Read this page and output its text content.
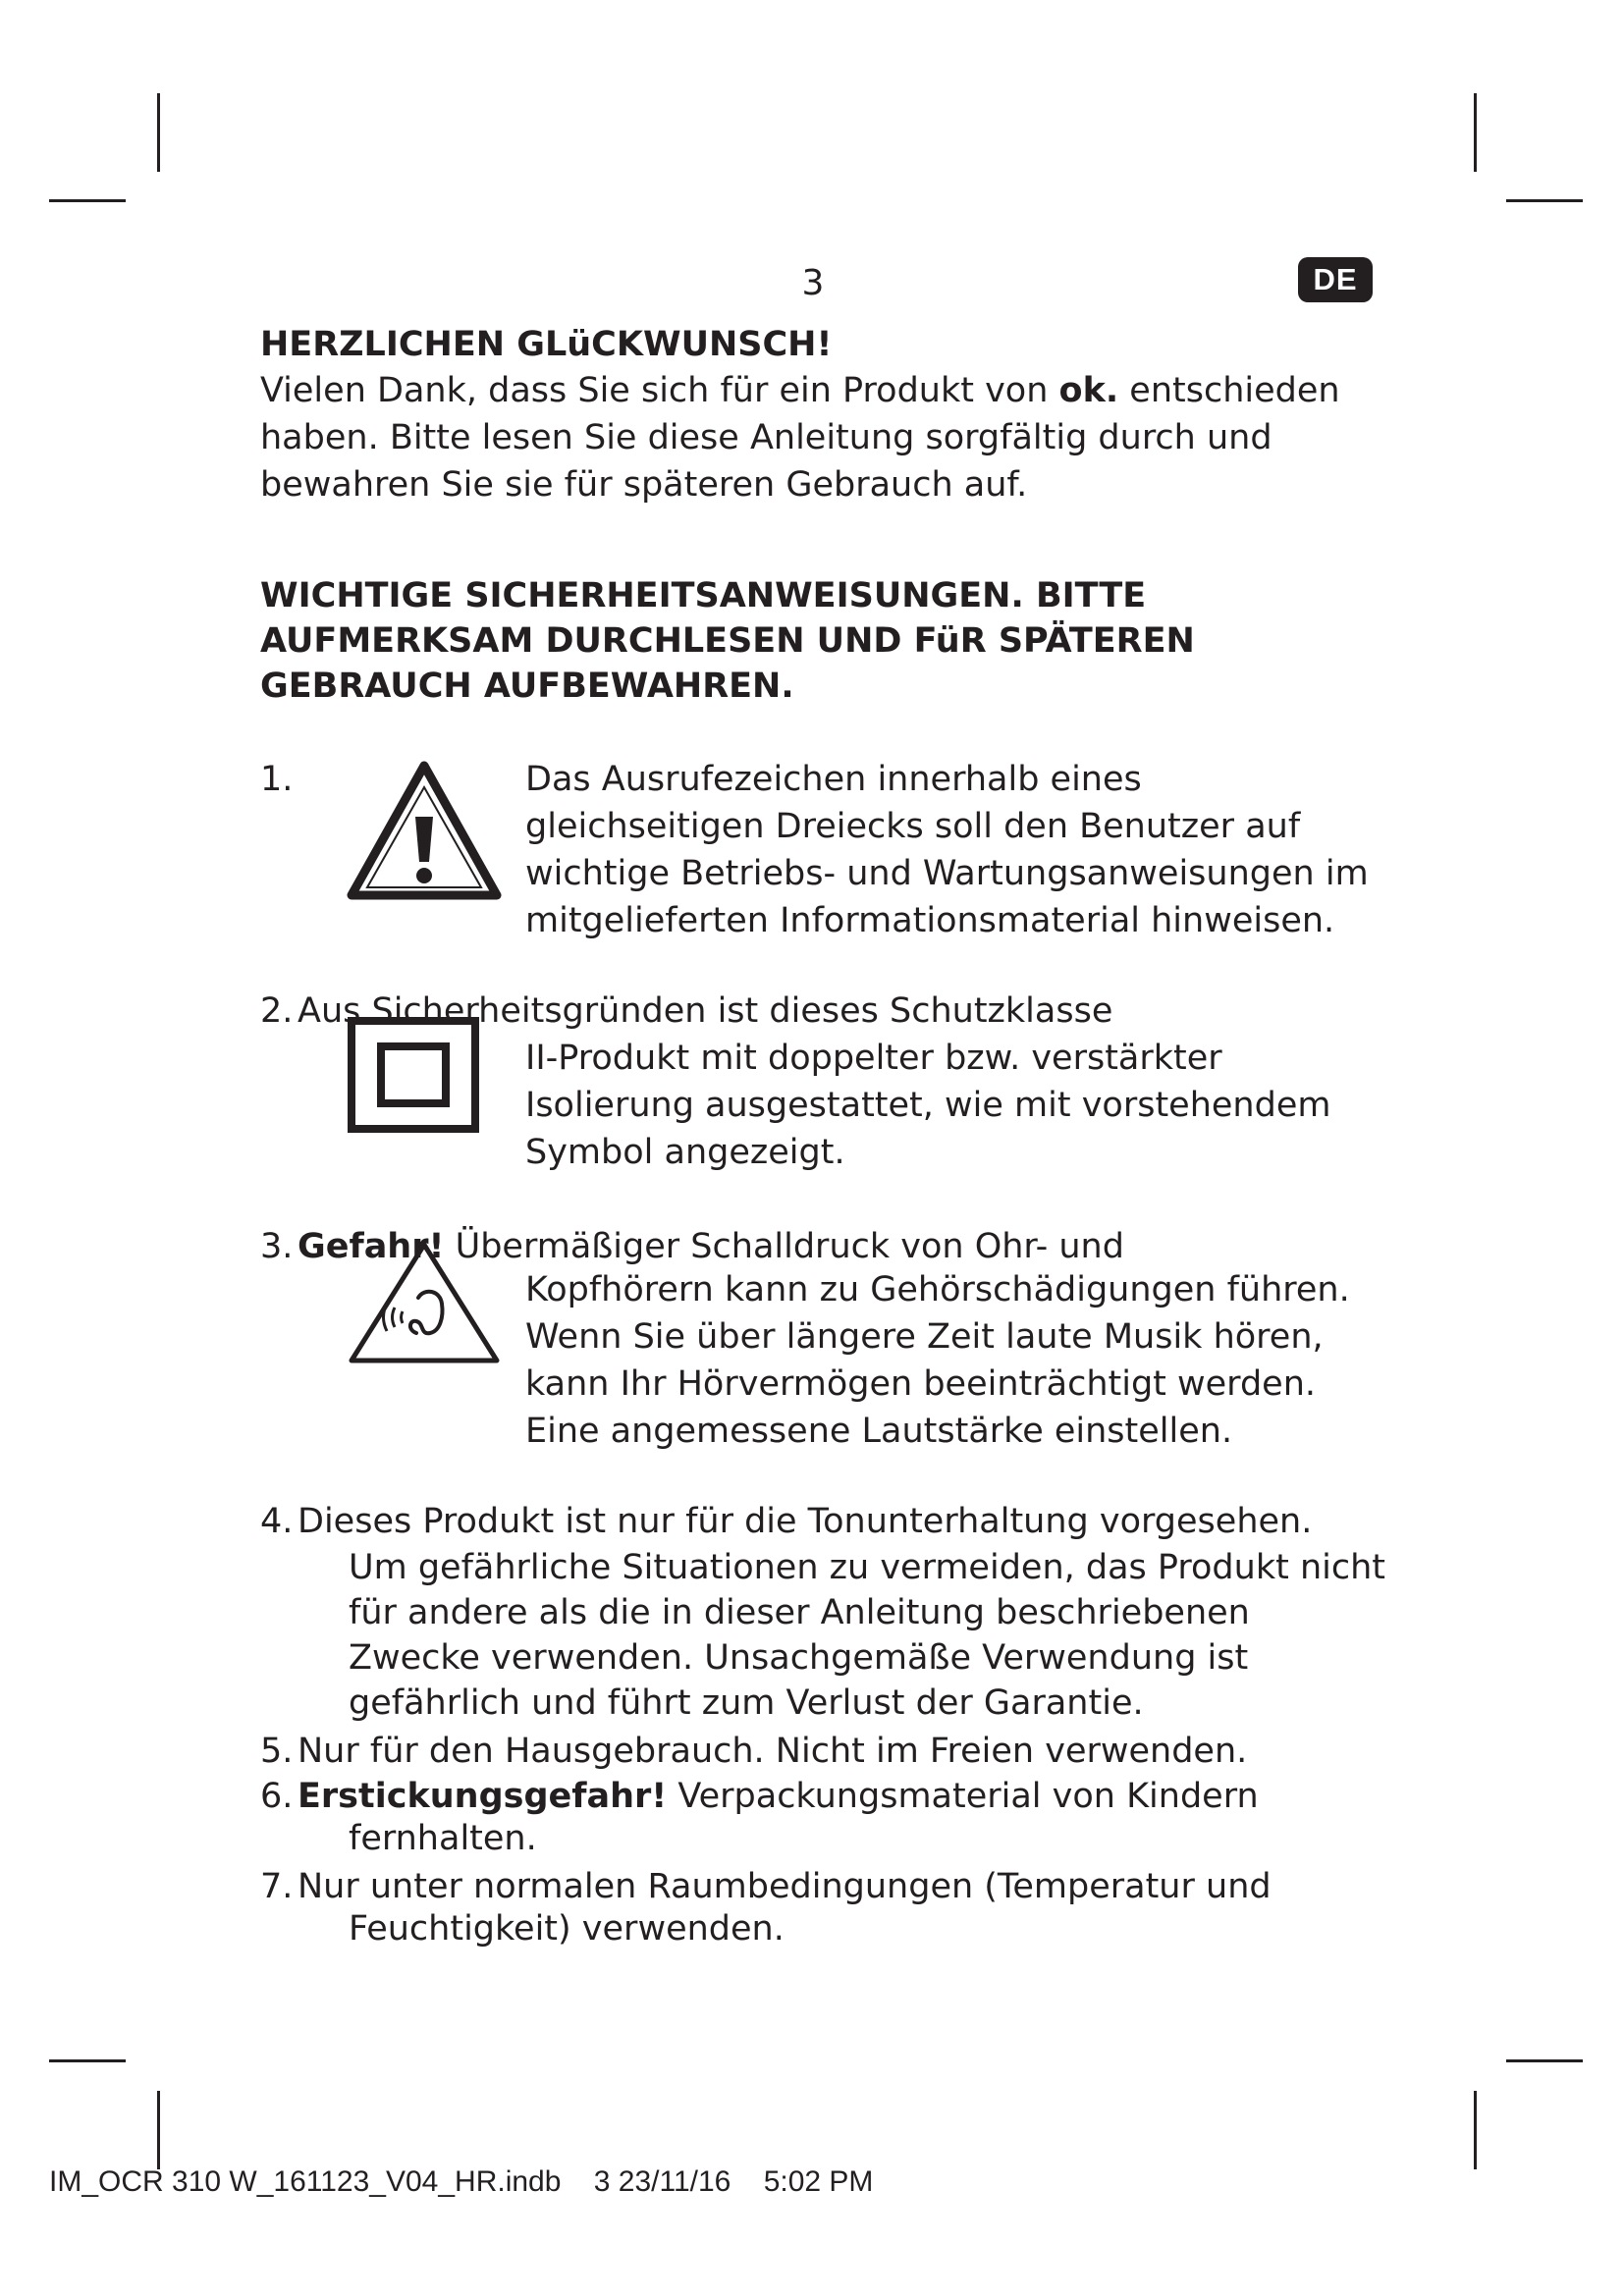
3	DE
HERZLICHEN GLüCKWUNSCH!
Vielen Dank, dass Sie sich für ein Produkt von ok. entschieden haben. Bitte lesen Sie diese Anleitung sorgfältig durch und bewahren Sie sie für späteren Gebrauch auf.
WICHTIGE SICHERHEITSANWEISUNGEN. BITTE AUFMERKSAM DURCHLESEN UND FüR SPÄTEREN GEBRAUCH AUFBEWAHREN.
1.	Das Ausrufezeichen innerhalb eines gleichseitigen Dreiecks soll den Benutzer auf wichtige Betriebs- und Wartungsanweisungen im mitgelieferten Informationsmaterial hinweisen.
2. Aus Sicherheitsgründen ist dieses Schutzklasse
II-Produkt mit doppelter bzw. verstärkter Isolierung ausgestattet, wie mit vorstehendem Symbol angezeigt.
3. Gefahr! Übermäßiger Schalldruck von Ohr- und
Kopfhörern kann zu Gehörschädigungen führen. Wenn Sie über längere Zeit laute Musik hören, kann Ihr Hörvermögen beeinträchtigt werden. Eine angemessene Lautstärke einstellen.
4. Dieses Produkt ist nur für die Tonunterhaltung vorgesehen.
Um gefährliche Situationen zu vermeiden, das Produkt nicht für andere als die in dieser Anleitung beschriebenen Zwecke verwenden. Unsachgemäße Verwendung ist gefährlich und führt zum Verlust der Garantie.
5. Nur für den Hausgebrauch. Nicht im Freien verwenden.
6. Erstickungsgefahr! Verpackungsmaterial von Kindern
fernhalten.
7. Nur unter normalen Raumbedingungen (Temperatur und
Feuchtigkeit) verwenden.
IM_OCR 310 W_161123_V04_HR.indb 3 23/11/16 5:02 PM
